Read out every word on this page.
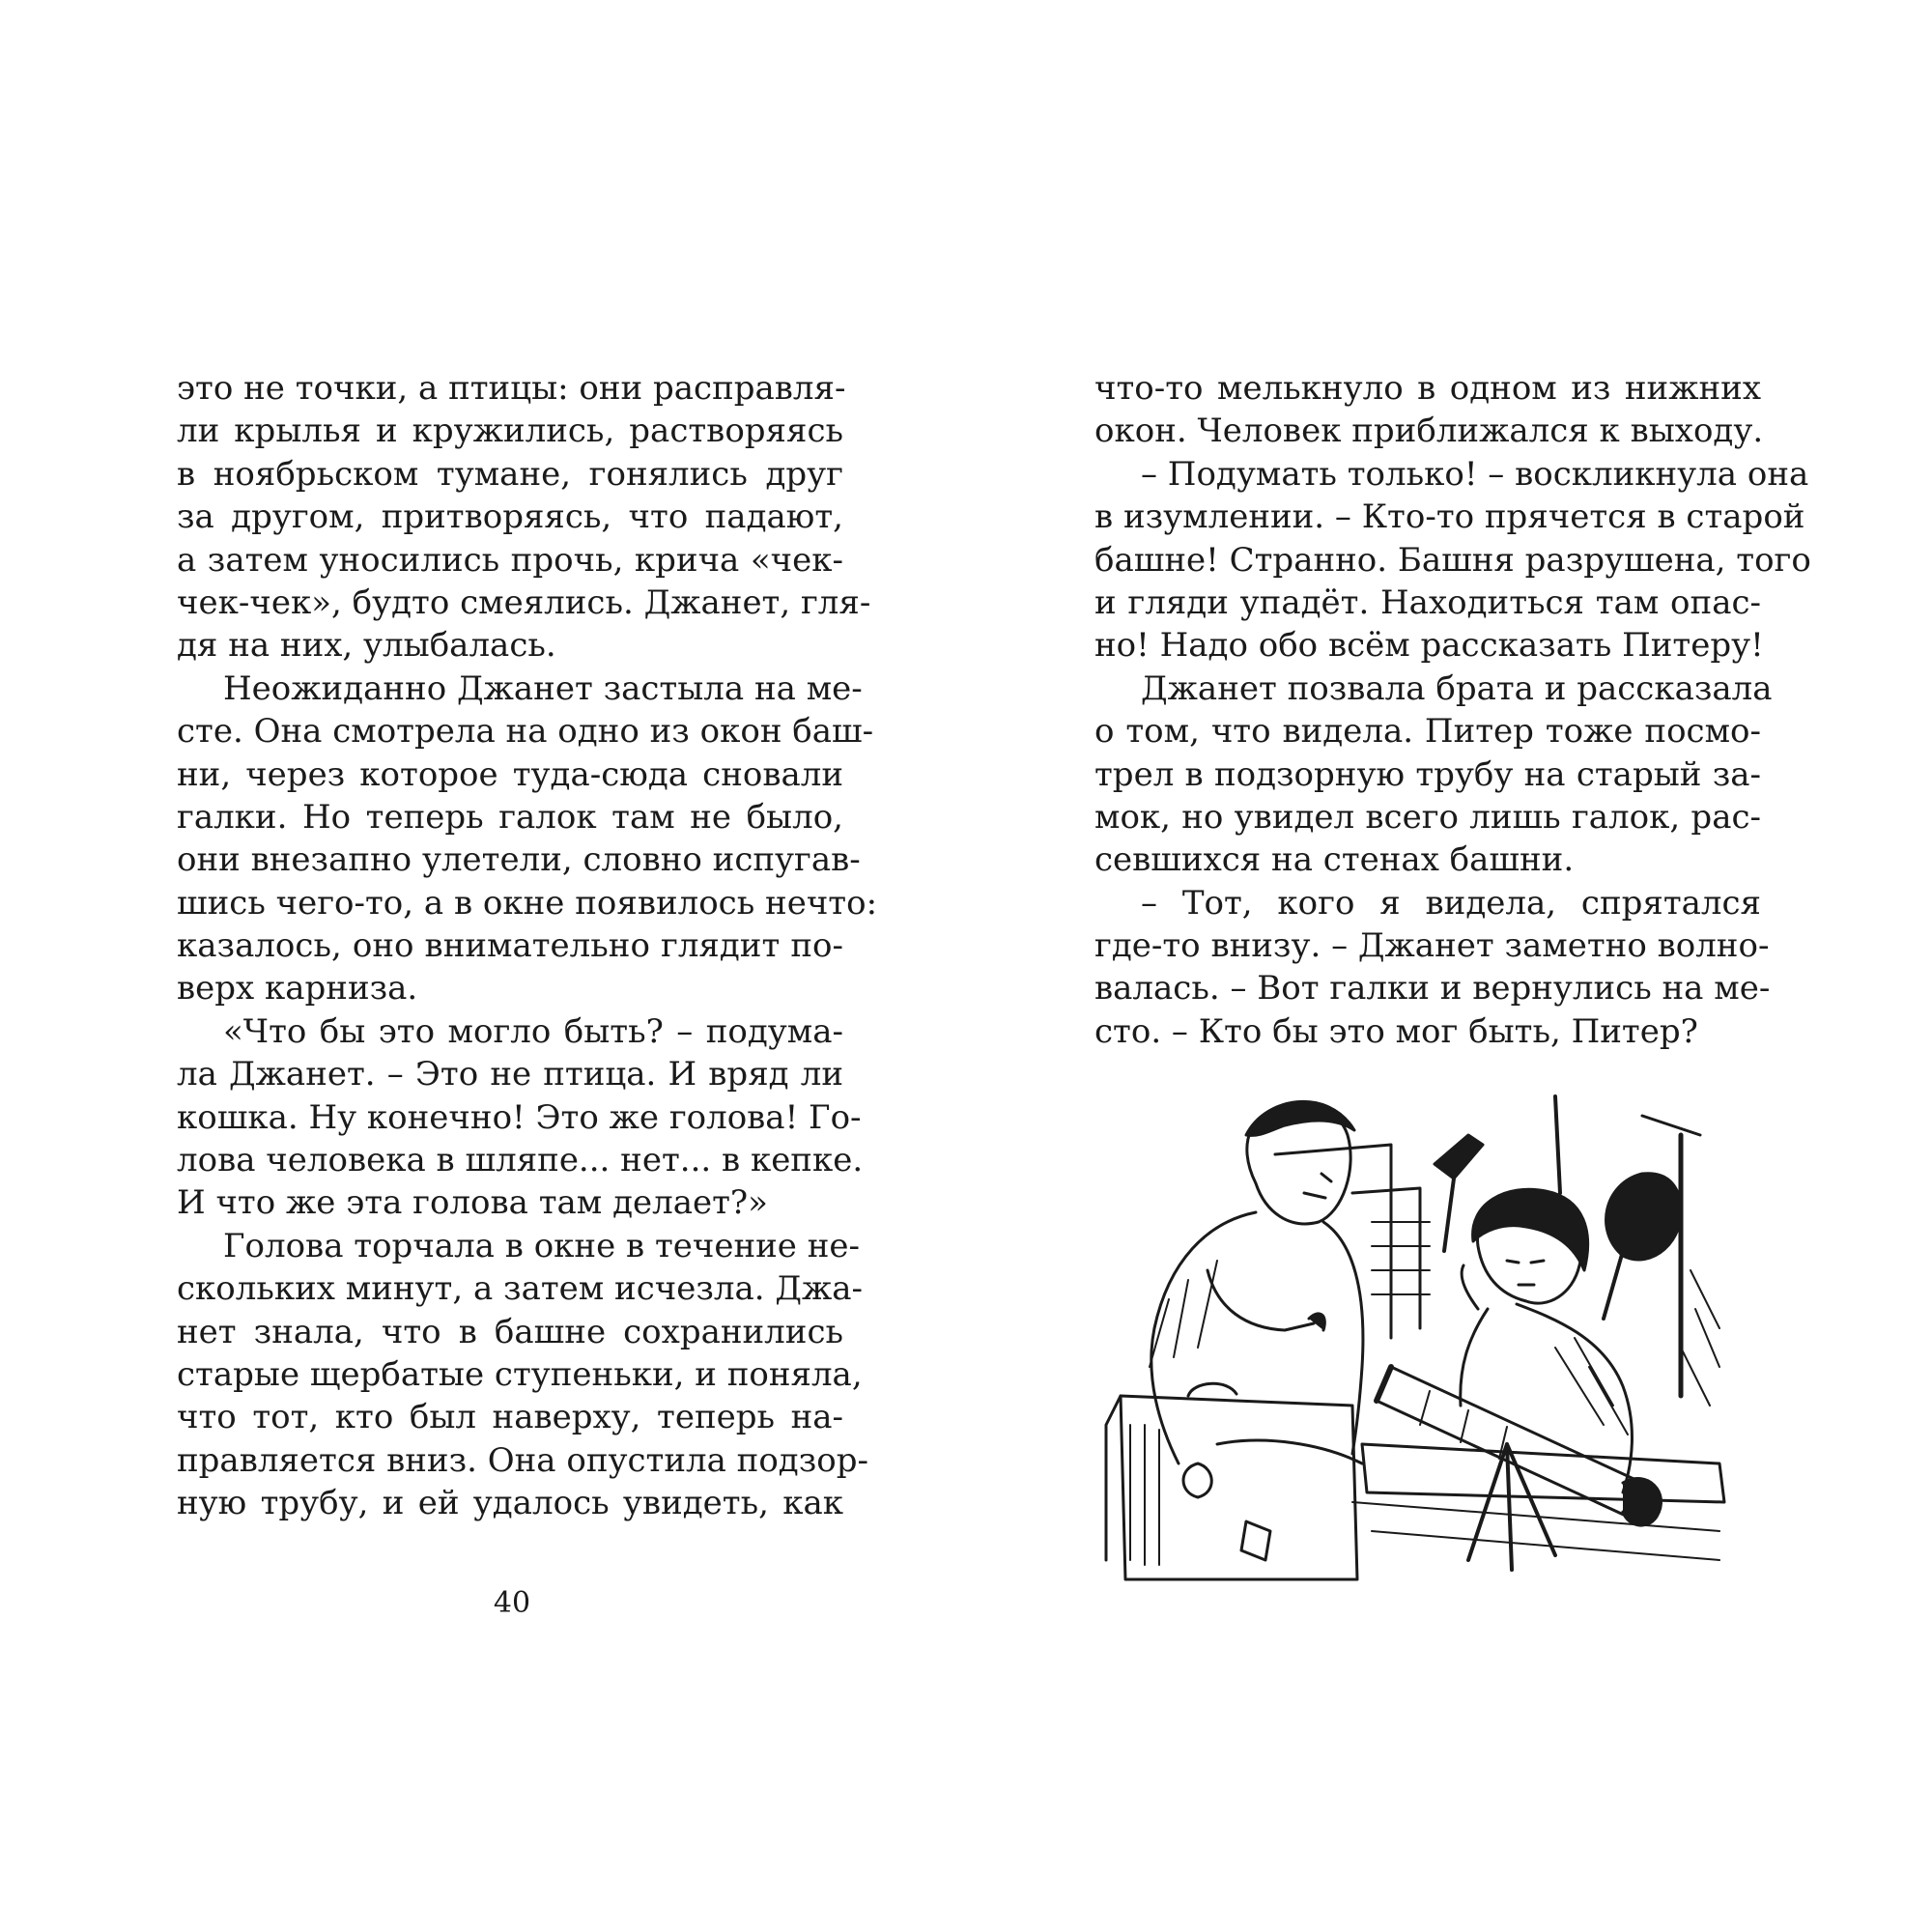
это не точки, а птицы: они расправля-
ли крылья и кружились, растворяясь
в ноябрьском тумане, гонялись друг
за другом, притворяясь, что падают,
а затем уносились прочь, крича «чек-
чек-чек», будто смеялись. Джанет, гля-
дя на них, улыбалась.
Неожиданно Джанет застыла на ме-
сте. Она смотрела на одно из окон баш-
ни, через которое туда-сюда сновали
галки. Но теперь галок там не было,
они внезапно улетели, словно испугав-
шись чего-то, а в окне появилось нечто:
казалось, оно внимательно глядит по-
верх карниза.
«Что бы это могло быть? – подума-
ла Джанет. – Это не птица. И вряд ли
кошка. Ну конечно! Это же голова! Го-
лова человека в шляпе... нет... в кепке.
И что же эта голова там делает?»
Голова торчала в окне в течение не-
скольких минут, а затем исчезла. Джа-
нет знала, что в башне сохранились
старые щербатые ступеньки, и поняла,
что тот, кто был наверху, теперь на-
правляется вниз. Она опустила подзор-
ную трубу, и ей удалось увидеть, как
что-то мелькнуло в одном из нижних
окон. Человек приближался к выходу.
– Подумать только! – воскликнула она
в изумлении. – Кто-то прячется в старой
башне! Странно. Башня разрушена, того
и гляди упадёт. Находиться там опас-
но! Надо обо всём рассказать Питеру!
Джанет позвала брата и рассказала
о том, что видела. Питер тоже посмо-
трел в подзорную трубу на старый за-
мок, но увидел всего лишь галок, рас-
севшихся на стенах башни.
– Тот, кого я видела, спрятался
где-то внизу. – Джанет заметно волно-
валась. – Вот галки и вернулись на ме-
сто. – Кто бы это мог быть, Питер?
40
